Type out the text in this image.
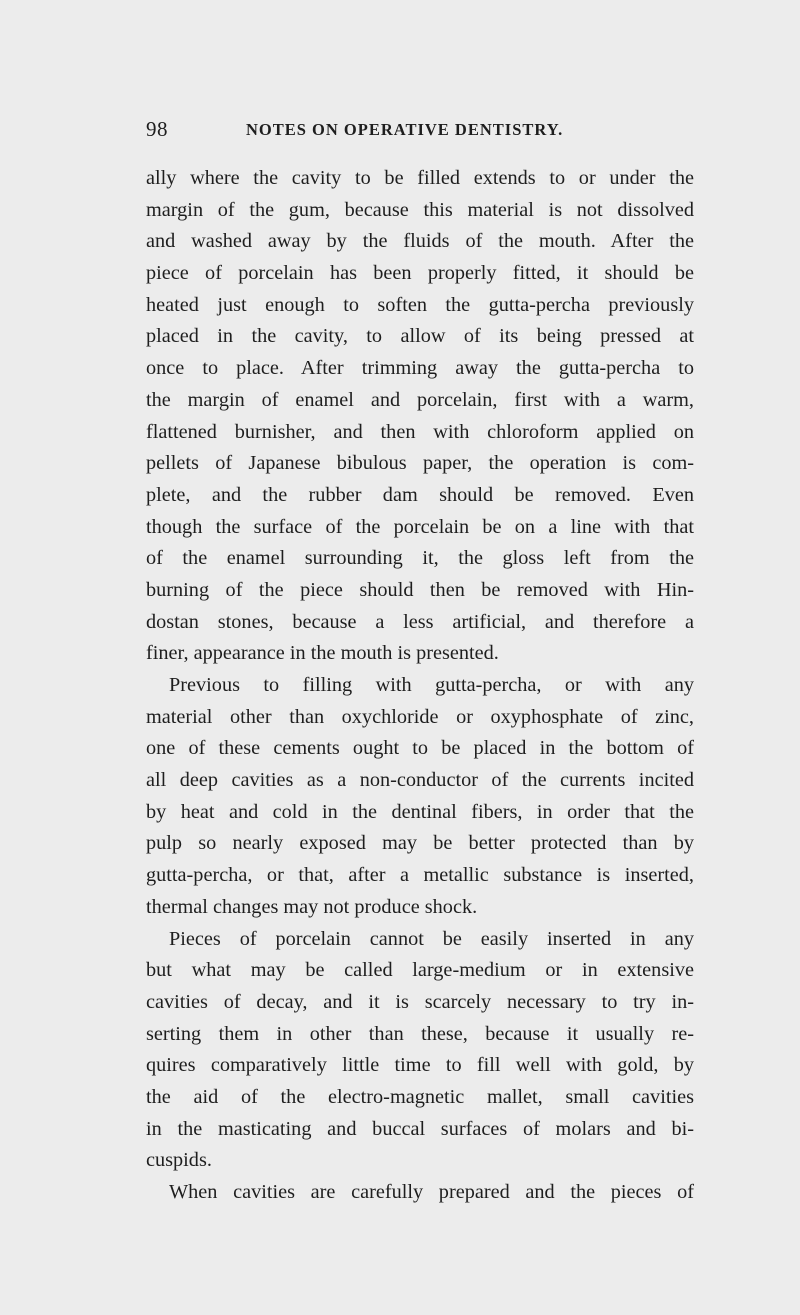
98	NOTES ON OPERATIVE DENTISTRY.
ally where the cavity to be filled extends to or under the
margin of the gum, because this material is not dissolved
and washed away by the fluids of the mouth. After the
piece of porcelain has been properly fitted, it should be
heated just enough to soften the gutta-percha previously
placed in the cavity, to allow of its being pressed at
once to place. After trimming away the gutta-percha to
the margin of enamel and porcelain, first with a warm,
flattened burnisher, and then with chloroform applied on
pellets of Japanese bibulous paper, the operation is com-
plete, and the rubber dam should be removed. Even
though the surface of the porcelain be on a line with that
of the enamel surrounding it, the gloss left from the
burning of the piece should then be removed with Hin-
dostan stones, because a less artificial, and therefore a
finer, appearance in the mouth is presented.
Previous to filling with gutta-percha, or with any
material other than oxychloride or oxyphosphate of zinc,
one of these cements ought to be placed in the bottom of
all deep cavities as a non-conductor of the currents incited
by heat and cold in the dentinal fibers, in order that the
pulp so nearly exposed may be better protected than by
gutta-percha, or that, after a metallic substance is inserted,
thermal changes may not produce shock.
Pieces of porcelain cannot be easily inserted in any
but what may be called large-medium or in extensive
cavities of decay, and it is scarcely necessary to try in-
serting them in other than these, because it usually re-
quires comparatively little time to fill well with gold, by
the aid of the electro-magnetic mallet, small cavities
in the masticating and buccal surfaces of molars and bi-
cuspids.
When cavities are carefully prepared and the pieces of
